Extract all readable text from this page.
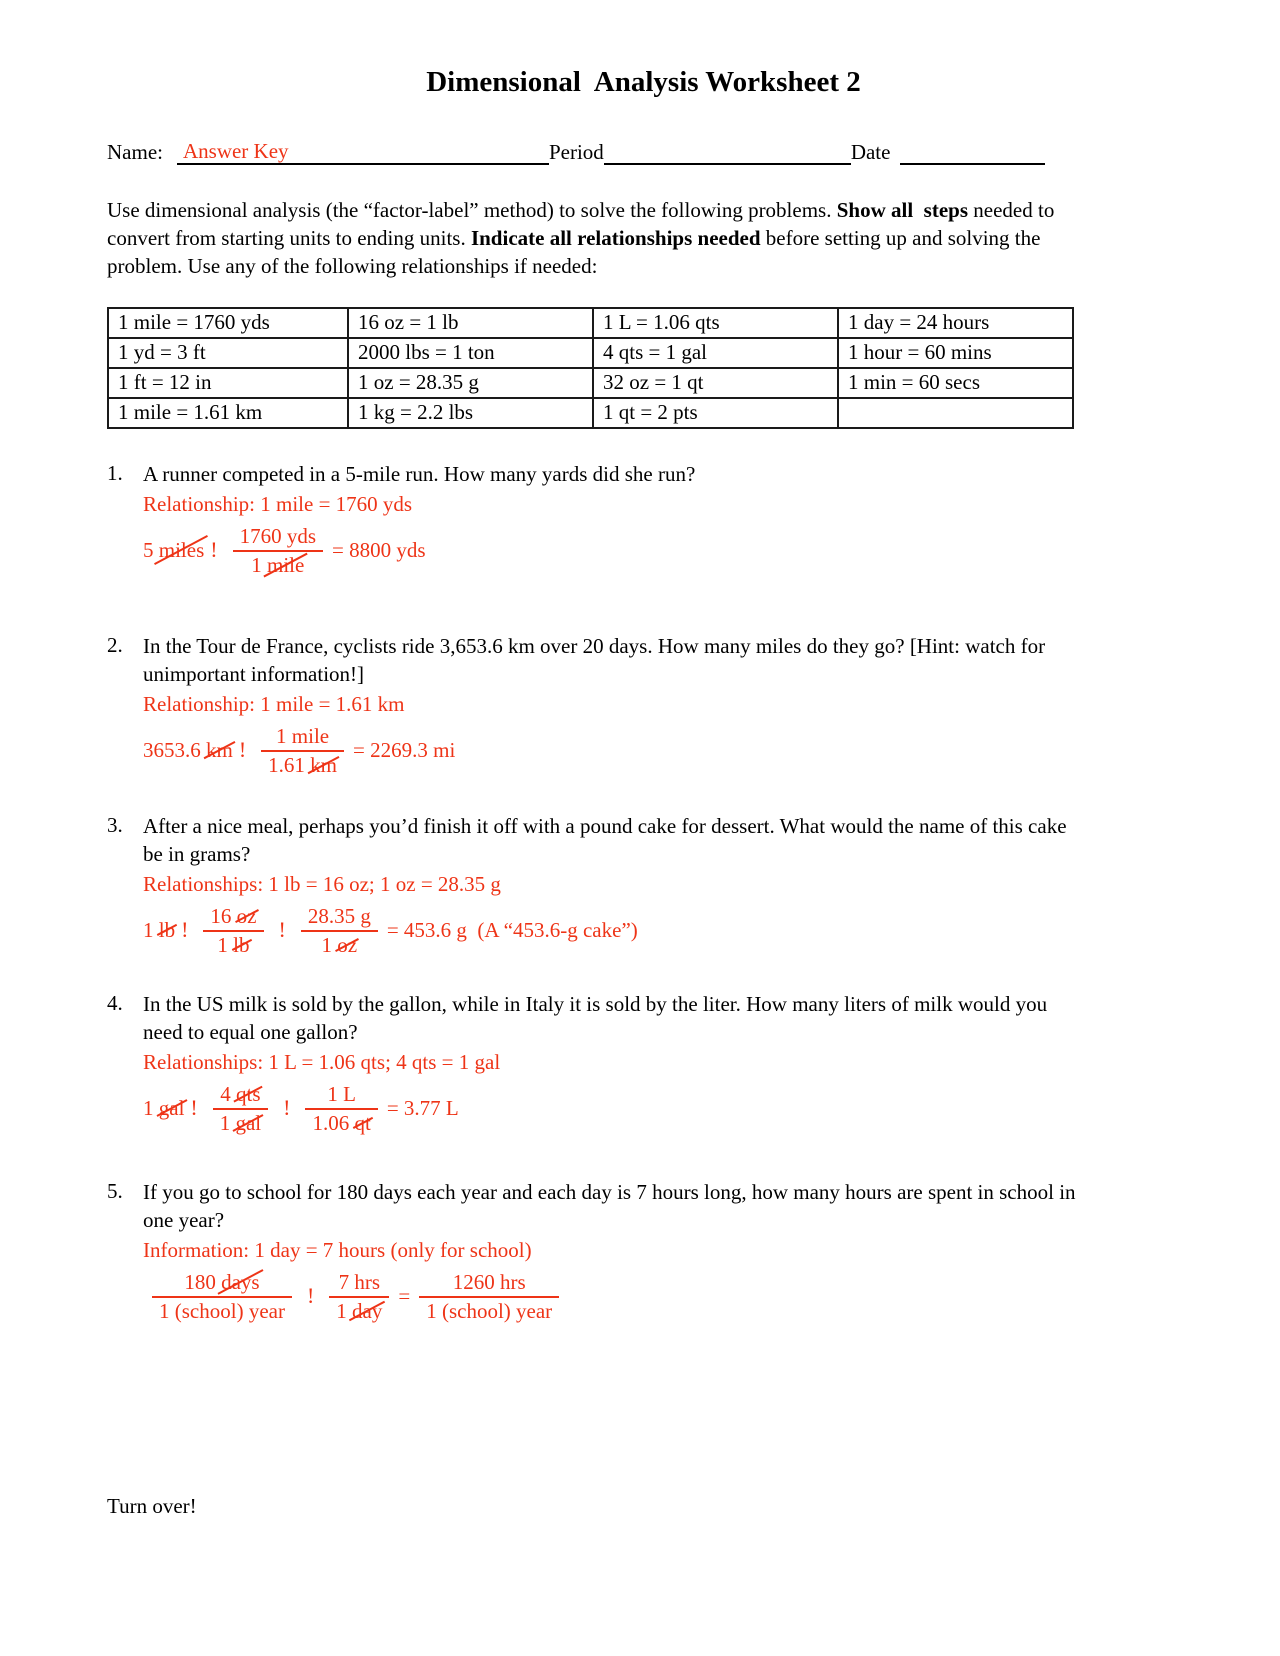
Dimensional  Analysis Worksheet 2
Name: Answer Key	Period	Date

Use dimensional analysis (the “factor-label” method) to solve the following problems. Show all  steps needed to convert from starting units to ending units. Indicate all relationships needed before setting up and solving the problem. Use any of the following relationships if needed:

1 mile = 1760 yds	16 oz = 1 lb	1 L = 1.06 qts	1 day = 24 hours
1 yd = 3 ft	2000 lbs = 1 ton	4 qts = 1 gal	1 hour = 60 mins
1 ft = 12 in	1 oz = 28.35 g	32 oz = 1 qt	1 min = 60 secs
1 mile = 1.61 km	1 kg = 2.2 lbs	1 qt = 2 pts	
1. A runner competed in a 5-mile run. How many yards did she run?
Relationship: 1 mile = 1760 yds
5 miles ! $\frac{\text{1760 yds}}{\text{1 mile}} = 8800$ yds
2. In the Tour de France, cyclists ride 3,653.6 km over 20 days. How many miles do they go? [Hint: watch for unimportant information!]
Relationship: 1 mile = 1.61 km
3653.6 km ! $\frac{\text{1 mile}}{1.61 km} = 2269.3$ mi
3. After a nice meal, perhaps you’d finish it off with a pound cake for dessert. What would the name of this cake be in grams?
Relationships: 1 lb = 16 oz; 1 oz = 28.35 g
1 lb ! $\frac{16 oz}{1 lb}$ ! $\frac{28.35 g}{1 oz} = 453.6$ g  (A “453.6-g cake”)
4. In the US milk is sold by the gallon, while in Italy it is sold by the liter. How many liters of milk would you need to equal one gallon?
Relationships: 1 L = 1.06 qts; 4 qts = 1 gal
1 gal ! $\frac{\text{4 qts}}{\text{1 gal}}$ ! $\frac{1 L}{1.06 qt} = 3.77$ L
5. If you go to school for 180 days each year and each day is 7 hours long, how many hours are spent in school in one year?
Information: 1 day = 7 hours (only for school)
$\frac{\text{180 days}}{\text{1 (school) year}}$ ! $\frac{\text{7 hrs}}{\text{1 day}} = \frac{\text{1260 hrs}}{\text{1 (school) year}}$
Turn over!
